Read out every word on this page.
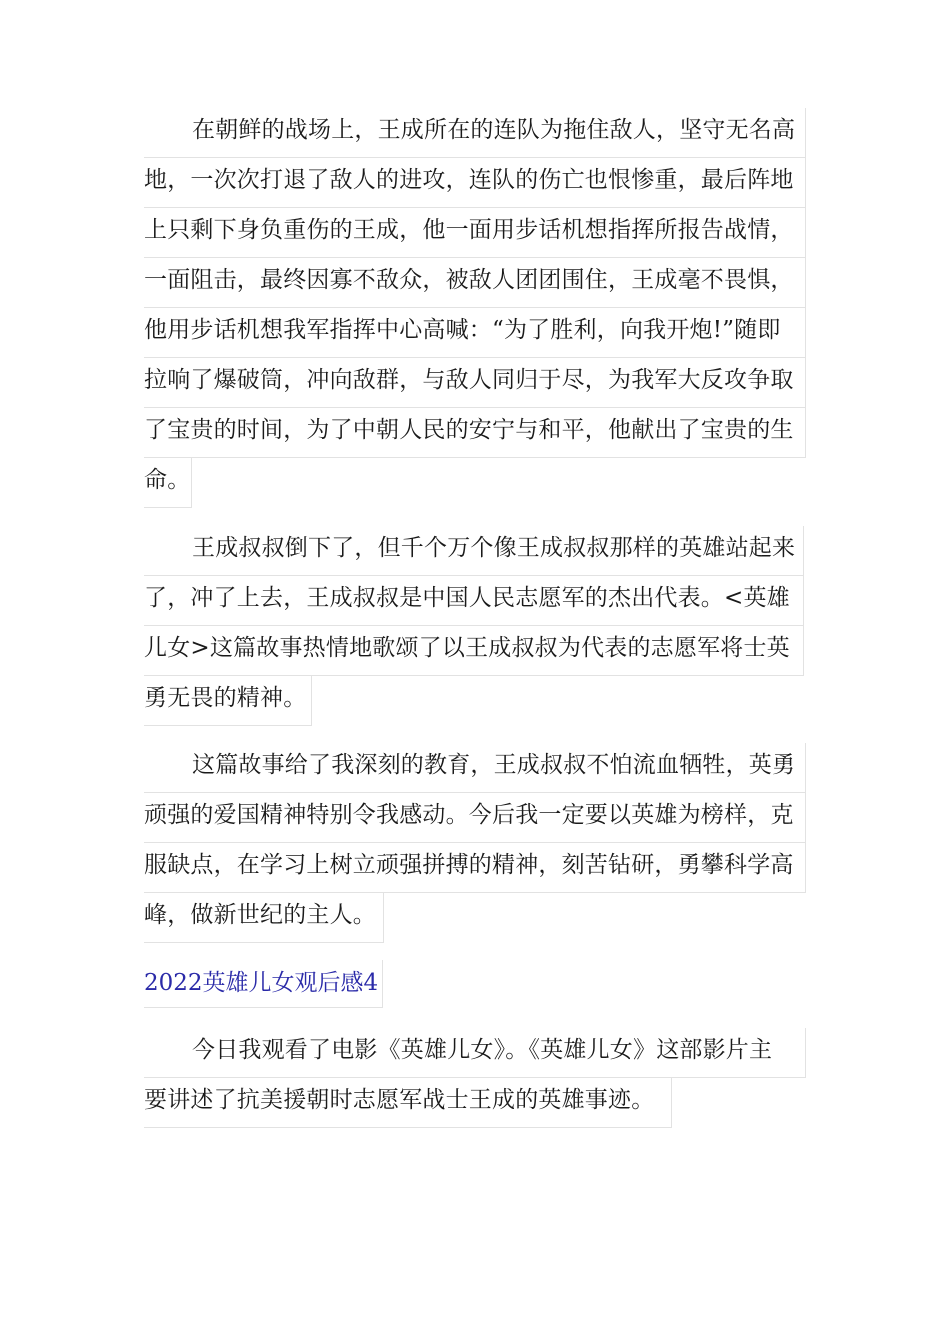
在朝鲜的战场上，王成所在的连队为拖住敌人，坚守无名高
地，一次次打退了敌人的进攻，连队的伤亡也恨惨重，最后阵地
上只剩下身负重伤的王成，他一面用步话机想指挥所报告战情，
一面阻击，最终因寡不敌众，被敌人团团围住，王成毫不畏惧，
他用步话机想我军指挥中心高喊：“为了胜利，向我开炮!”随即
拉响了爆破筒，冲向敌群，与敌人同归于尽，为我军大反攻争取
了宝贵的时间，为了中朝人民的安宁与和平，他献出了宝贵的生
命。
王成叔叔倒下了，但千个万个像王成叔叔那样的英雄站起来
了，冲了上去，王成叔叔是中国人民志愿军的杰出代表。<英雄
儿女>这篇故事热情地歌颂了以王成叔叔为代表的志愿军将士英
勇无畏的精神。
这篇故事给了我深刻的教育，王成叔叔不怕流血牺牲，英勇
顽强的爱国精神特别令我感动。今后我一定要以英雄为榜样，克
服缺点，在学习上树立顽强拼搏的精神，刻苦钻研，勇攀科学高
峰，做新世纪的主人。
2022英雄儿女观后感4
今日我观看了电影《英雄儿女》。《英雄儿女》这部影片主
要讲述了抗美援朝时志愿军战士王成的英雄事迹。
